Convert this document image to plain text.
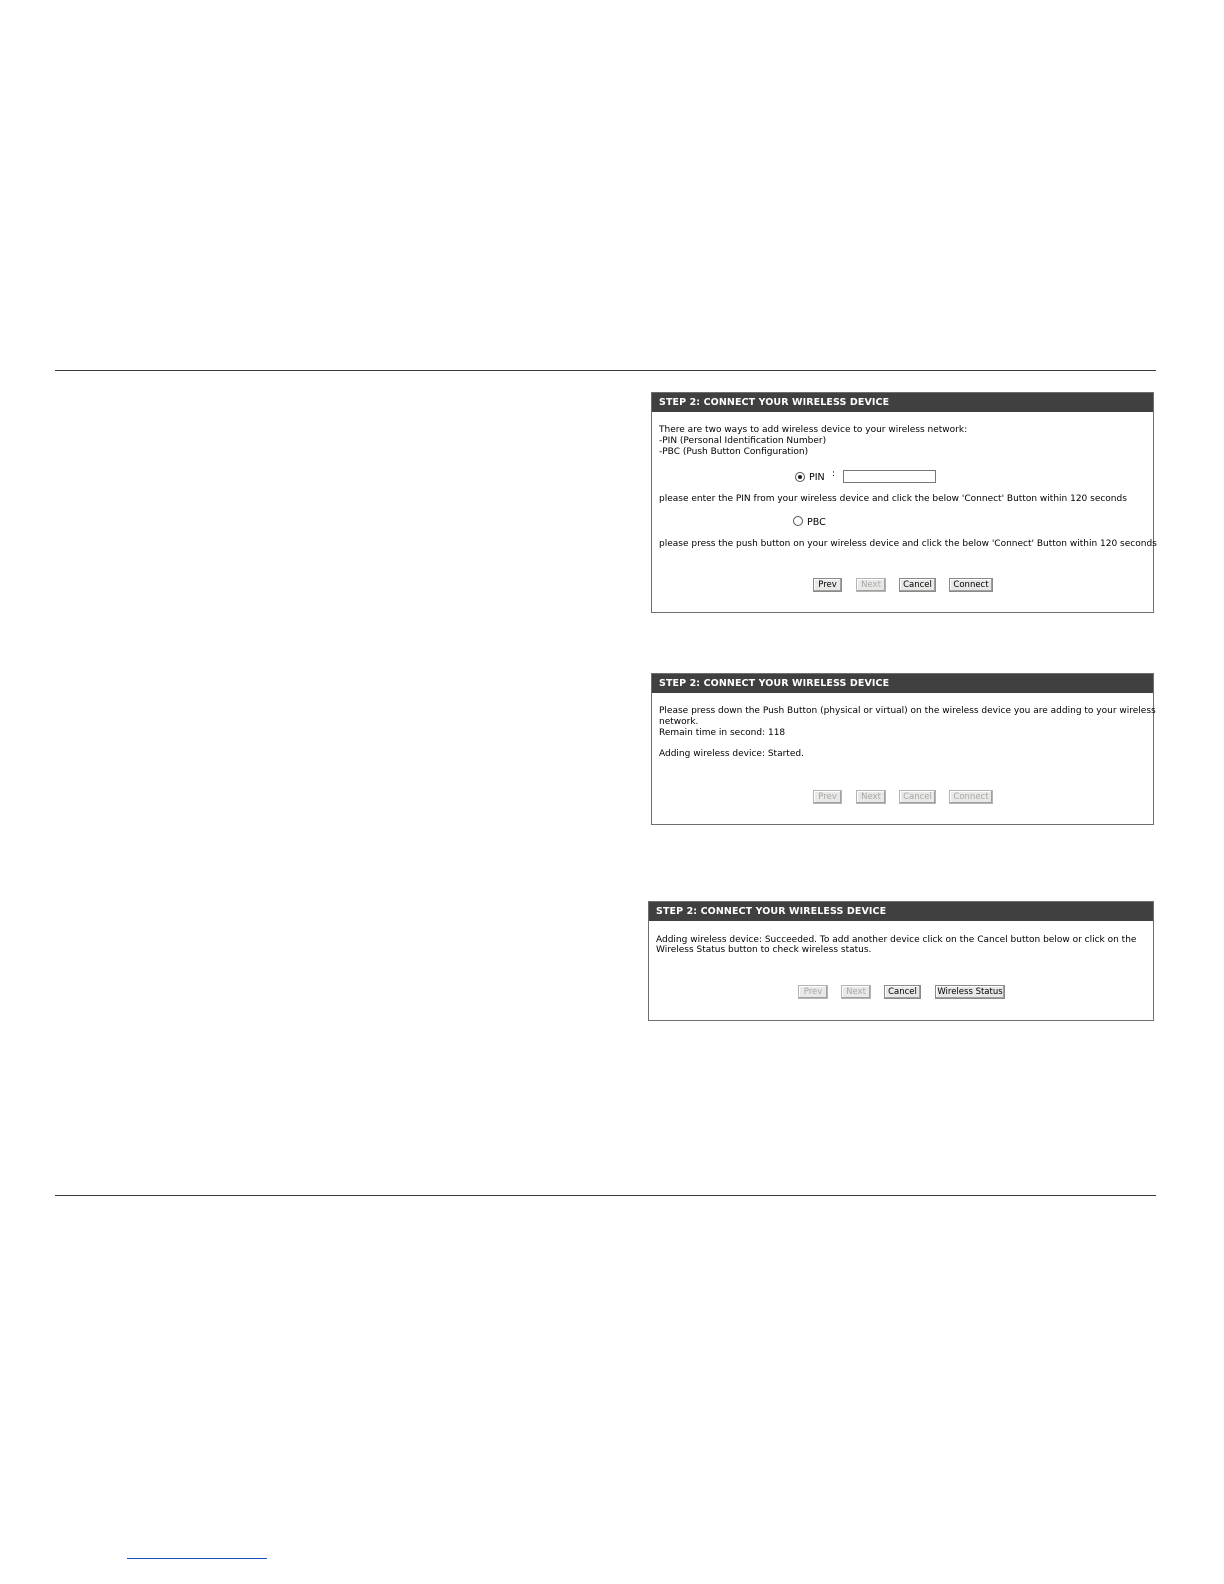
STEP 2: CONNECT YOUR WIRELESS DEVICE
There are two ways to add wireless device to your wireless network:
-PIN (Personal Identification Number)
-PBC (Push Button Configuration)
PIN :
please enter the PIN from your wireless device and click the below 'Connect' Button within 120 seconds
PBC
please press the push button on your wireless device and click the below 'Connect' Button within 120 seconds
Prev	Next	Cancel	Connect
STEP 2: CONNECT YOUR WIRELESS DEVICE
Please press down the Push Button (physical or virtual) on the wireless device you are adding to your wireless
network.
Remain time in second: 118
Adding wireless device: Started.
Prev	Next	Cancel	Connect
STEP 2: CONNECT YOUR WIRELESS DEVICE
Adding wireless device: Succeeded. To add another device click on the Cancel button below or click on the
Wireless Status button to check wireless status.
Prev	Next	Cancel	Wireless Status
